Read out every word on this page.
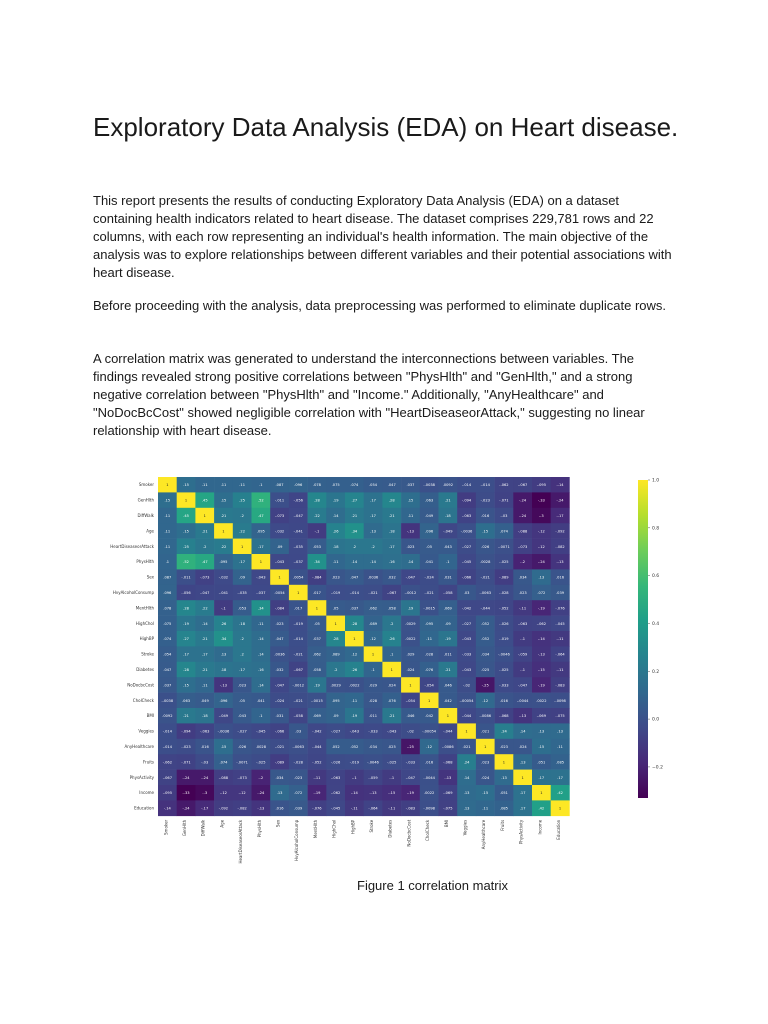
Exploratory Data Analysis (EDA) on Heart disease.

This report presents the results of conducting Exploratory Data Analysis (EDA) on a dataset containing health indicators related to heart disease. The dataset comprises 229,781 rows and 22 columns, with each row representing an individual's health information. The main objective of the analysis was to explore relationships between different variables and their potential associations with heart disease.

Before proceeding with the analysis, data preprocessing was performed to eliminate duplicate rows.

A correlation matrix was generated to understand the interconnections between variables. The findings revealed strong positive correlations between "PhysHlth" and "GenHlth," and a strong negative correlation between "PhysHlth" and "Income." Additionally, "AnyHealthcare" and "NoDocBcCost" showed negligible correlation with "HeartDiseaseorAttack," suggesting no linear relationship with heart disease.

1	.15	.11	.11	.11	.1	.087	.096	.078	.075	.074	.054	.047	.037 -.0038 .0092 -.014	-.014	-.062	-.067	-.095	-.14
.15	1	.45	.15	.25	.52	-.011	-.056	.28	.19	.27	.17	.28	.15	.063	.21	-.094	-.023	-.071	-.24	-.33	-.24
.11	.45	1	.21	.2	.47	-.073	-.047	.22	.14	.21	.17	.21	.11	.049	.18	-.063	.016	-.03	-.24	-.3	-.17
.11	.15	.21	1	.22	.095	-.032	-.041	-.1	.26	.34	.13	.18	-.13	.096	-.049 -.0036	.15	.074	-.088	-.12	-.092
.11	.25	.2	.22	1	.17	.09	-.035	.053	.18	.2	.2	.17	.023	.05	.043	-.027	.026 -.0071 -.073	-.12	-.082
.1	.52	.47	.095	.17	1	-.043	-.037	.34	.11	.14	.14	.16	.14	.041	.1	-.045 .0028 -.025	-.2	-.24	-.13
.087	-.011	-.073	-.032	.09	-.043	1	.0054 -.084	.023	.047	.0036	.032	-.047	-.024	.031	-.066	-.021	-.089	.034	.13	.016
.096	-.056	-.047	-.041	-.035	-.037 .0054	1	.017	-.019	-.014	-.021	-.067 -.0012 -.021	-.058	.03	-.0063 -.028	.023	.072	.039
.078	.28	.22	-.1	.053	.34	-.084	.017	1	.05	.037	.062	.058	.19	-.0015 .069	-.042	-.044	-.052	-.11	-.19	-.076
.075	.19	.14	.26	.18	.11	.023	-.019	.05	1	.28	.089	.2	.0029	.095	.09	-.027	.052	-.026	-.063	-.062	-.045
.074	.27	.21	.34	.2	.14	.047	-.014	.037	.28	1	.12	.26	.0022	.11	.19	-.043	.052	-.019	-.1	-.14	-.11
.054	.17	.17	.13	.2	.14	.0036 -.021	.062	.089	.12	1	.1	.029	.028	.011	-.033	.034 -.0046 -.059	-.13	-.064
.047	.28	.21	.18	.17	.16	.032	-.067	.058	.2	.26	.1	1	.024	.076	.21	-.043	.025	-.025	-.1	-.15	-.11
.037	.15	.11	-.13	.023	.14	-.047 -.0012	.19	.0029 .0022	.029	.024	1	-.054	.046	-.02	-.25	-.033	-.047	-.19	-.083
-.0038 .063	.049	.096	.05	.041	-.024	-.021 -.0015 .095	.11	.028	.076	-.054	1	.042 -.00054 .12	.016 -.0044 .0022 -.0098
.0092	.21	.18	-.049	.043	.1	.031	-.058	.069	.09	.19	.011	.21	.046	.042	1	-.044 -.0086 -.068	-.13	-.069	-.075
-.014	-.094	-.063 -.0036 -.027	-.045	-.066	.03	-.042	-.027	-.043	-.033	-.043	-.02 -.00054 -.044	1	.021	.24	.14	.13	.13
-.014	-.023	.016	.15	.026	.0028 -.021 -.0063 -.044	.052	.052	.034	.025	-.25	.12	-.0086 .021	1	.023	.024	.15	.11
-.062	-.071	-.03	.074 -.0071 -.025	-.089	-.028	-.052	-.026	-.019 -.0046 -.025	-.033	.016	-.068	.24	.023	1	.13	.051	.085
-.067	-.24	-.24	-.088	-.073	-.2	.034	.023	-.11	-.063	-.1	-.059	-.1	-.047 -.0044	-.13	.14	.024	.13	1	.17	.17
-.095	-.33	-.3	-.12	-.12	-.24	.13	.072	-.19	-.062	-.14	-.13	-.15	-.19	.0022 -.069	.13	.15	.051	.17	1	.42
-.14	-.24	-.17	-.092	-.082	-.13	.016	.039	-.076	-.045	-.11	-.064	-.11	-.083 -.0098 -.075	.13	.11	.085	.17	.42	1
Smoker
Smoker
GenHlth
GenHlth
DiffWalk
DiffWalk
Age
Age
HeartDiseaseorAttack
HeartDiseaseorAttack
PhysHlth
PhysHlth
Sex
Sex
HvyAlcoholConsump
HvyAlcoholConsump
MentHlth
MentHlth
HighChol
HighChol
HighBP
HighBP
Stroke
Stroke
Diabetes
Diabetes
NoDocbcCost
NoDocbcCost
CholCheck
CholCheck
BMI
BMI
Veggies
Veggies
AnyHealthcare
AnyHealthcare
Fruits
Fruits
PhysActivity
PhysActivity
Income
Income
Education
Education
1.0
0.8
0.6
0.4
0.2
0.0
−0.2

Figure 1 correlation matrix
